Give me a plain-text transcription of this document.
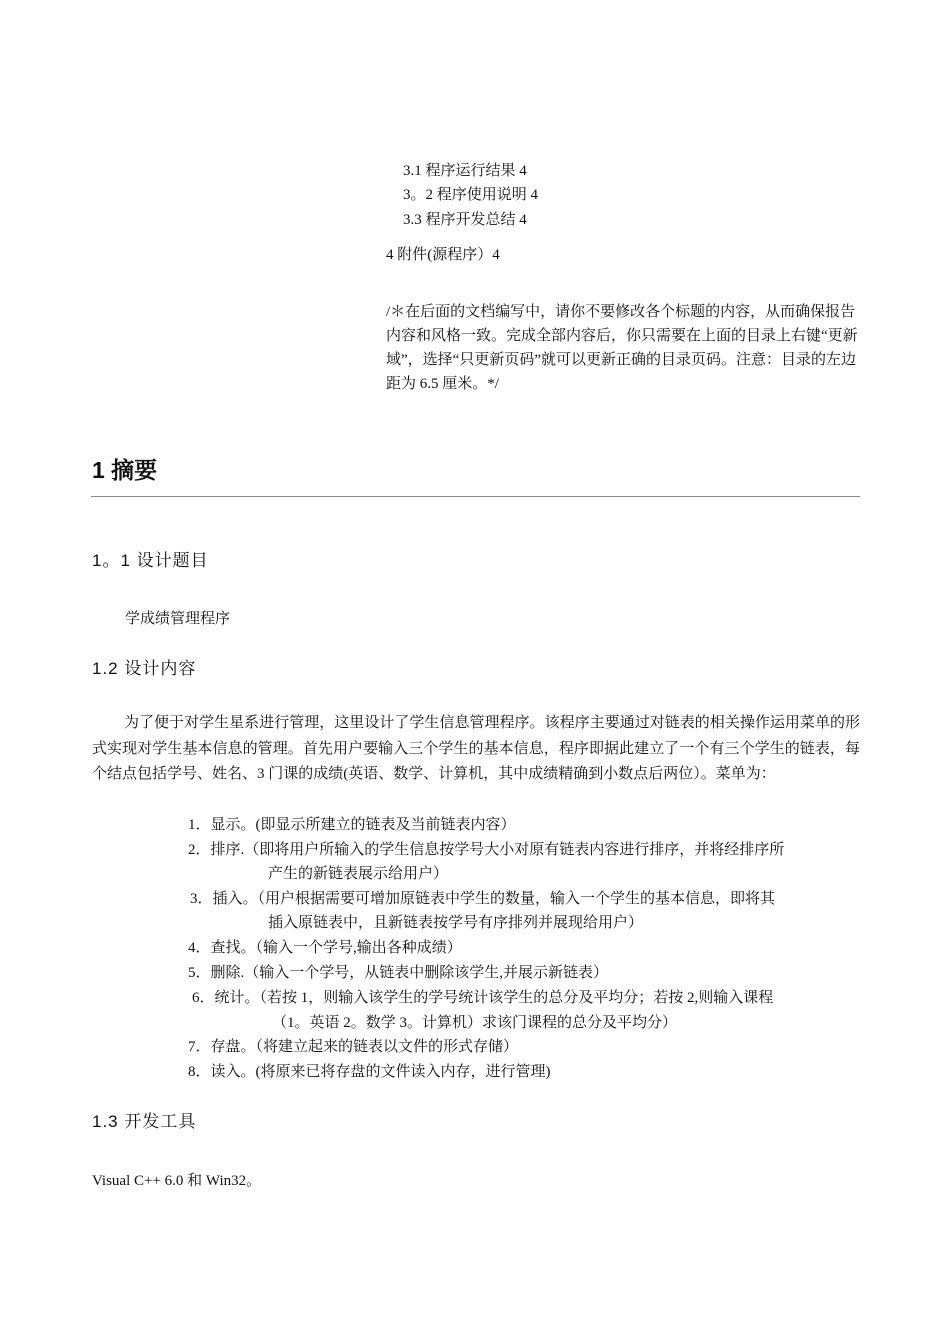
3.1 程序运行结果 4
3。2 程序使用说明 4
3.3 程序开发总结 4
4 附件(源程序）4
/＊在后面的文档编写中，请你不要修改各个标题的内容，从而确保报告内容和风格一致。完成全部内容后，你只需要在上面的目录上右键“更新域”，选择“只更新页码”就可以更新正确的目录页码。注意：目录的左边距为 6.5 厘米。*/
1 摘要
1。1 设计题目
学成绩管理程序
1.2 设计内容
为了便于对学生星系进行管理，这里设计了学生信息管理程序。该程序主要通过对链表的相关操作运用菜单的形式实现对学生基本信息的管理。首先用户要输入三个学生的基本信息，程序即据此建立了一个有三个学生的链表，每个结点包括学号、姓名、3 门课的成绩(英语、数学、计算机，其中成绩精确到小数点后两位）。菜单为：
1．显示。(即显示所建立的链表及当前链表内容）
2．排序.（即将用户所输入的学生信息按学号大小对原有链表内容进行排序，并将经排序所
产生的新链表展示给用户）
3．插入。（用户根据需要可增加原链表中学生的数量，输入一个学生的基本信息，即将其
插入原链表中，且新链表按学号有序排列并展现给用户）
4．查找。（输入一个学号,输出各种成绩）
5．删除.（输入一个学号，从链表中删除该学生,并展示新链表）
6．统计。（若按 1，则输入该学生的学号统计该学生的总分及平均分；若按 2,则输入课程
（1。英语 2。数学 3。计算机）求该门课程的总分及平均分）
7．存盘。（将建立起来的链表以文件的形式存储）
8．读入。(将原来已将存盘的文件读入内存，进行管理)
1.3 开发工具
Visual C++ 6.0 和 Win32。
